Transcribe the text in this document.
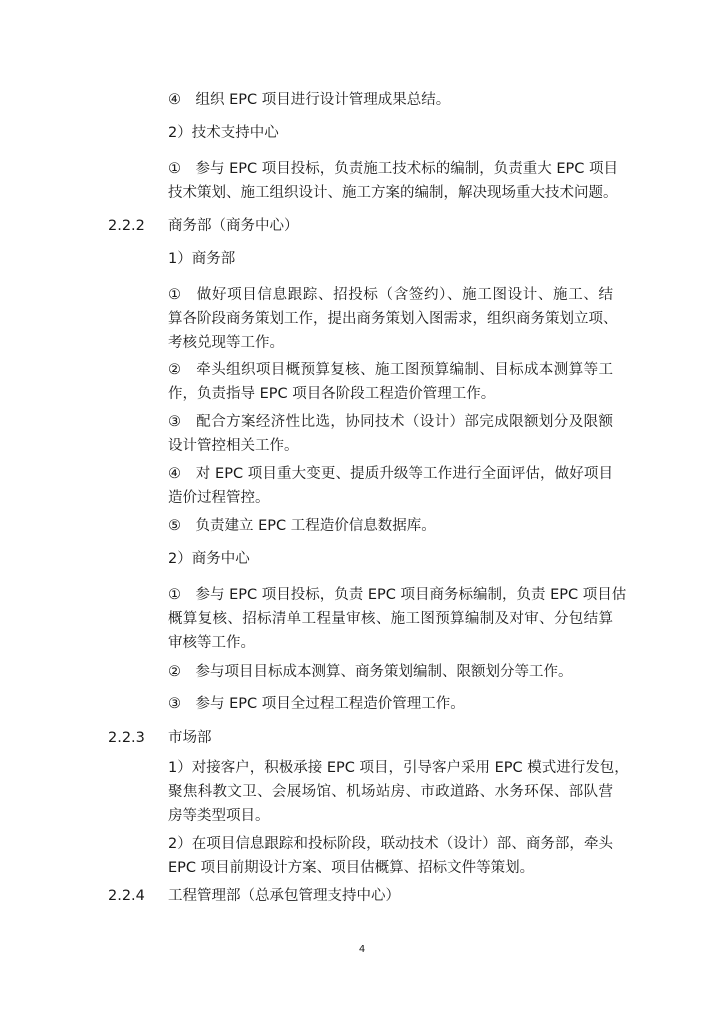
④　组织 EPC 项目进行设计管理成果总结。
2）技术支持中心
①　参与 EPC 项目投标，负责施工技术标的编制，负责重大 EPC 项目
技术策划、施工组织设计、施工方案的编制，解决现场重大技术问题。
2.2.2 商务部（商务中心）
1）商务部
①　做好项目信息跟踪、招投标（含签约）、施工图设计、施工、结
算各阶段商务策划工作，提出商务策划入图需求，组织商务策划立项、
考核兑现等工作。
②　牵头组织项目概预算复核、施工图预算编制、目标成本测算等工
作，负责指导 EPC 项目各阶段工程造价管理工作。
③　配合方案经济性比选，协同技术（设计）部完成限额划分及限额
设计管控相关工作。
④　对 EPC 项目重大变更、提质升级等工作进行全面评估，做好项目
造价过程管控。
⑤　负责建立 EPC 工程造价信息数据库。
2）商务中心
①　参与 EPC 项目投标，负责 EPC 项目商务标编制，负责 EPC 项目估
概算复核、招标清单工程量审核、施工图预算编制及对审、分包结算
审核等工作。
②　参与项目目标成本测算、商务策划编制、限额划分等工作。
③　参与 EPC 项目全过程工程造价管理工作。
2.2.3 市场部
1）对接客户，积极承接 EPC 项目，引导客户采用 EPC 模式进行发包，
聚焦科教文卫、会展场馆、机场站房、市政道路、水务环保、部队营
房等类型项目。
2）在项目信息跟踪和投标阶段，联动技术（设计）部、商务部，牵头
EPC 项目前期设计方案、项目估概算、招标文件等策划。
2.2.4 工程管理部（总承包管理支持中心）
4
